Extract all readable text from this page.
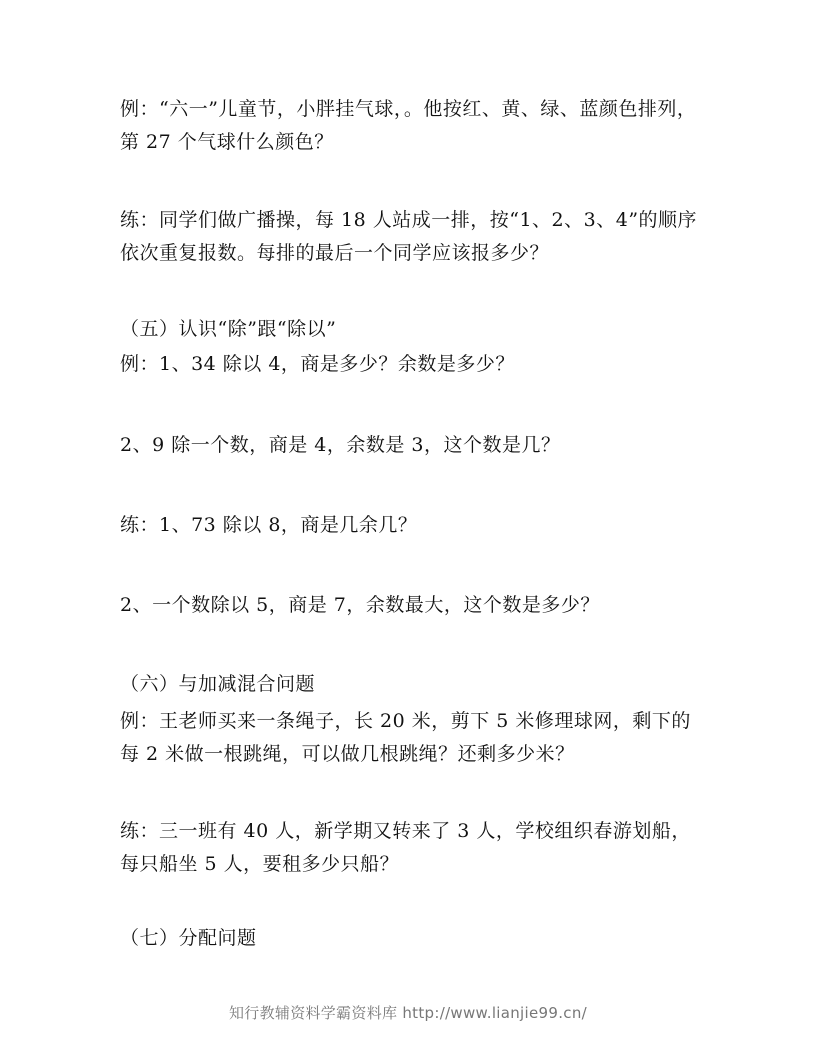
例：“六一”儿童节，小胖挂气球，。他按红、黄、绿、蓝颜色排列，第 27 个气球什么颜色？

练：同学们做广播操，每 18 人站成一排，按“1、2、3、4”的顺序依次重复报数。每排的最后一个同学应该报多少？

（五）认识“除”跟“除以”

例：1、34 除以 4，商是多少？余数是多少？

2、9 除一个数，商是 4，余数是 3，这个数是几？

练：1、73 除以 8，商是几余几？

2、一个数除以 5，商是 7，余数最大，这个数是多少？

（六）与加减混合问题

例：王老师买来一条绳子，长 20 米，剪下 5 米修理球网，剩下的每 2 米做一根跳绳，可以做几根跳绳？还剩多少米？

练：三一班有 40 人，新学期又转来了 3 人，学校组织春游划船，每只船坐 5 人，要租多少只船？

（七）分配问题

知行教辅资料学霸资料库 http://www.lianjie99.cn/
